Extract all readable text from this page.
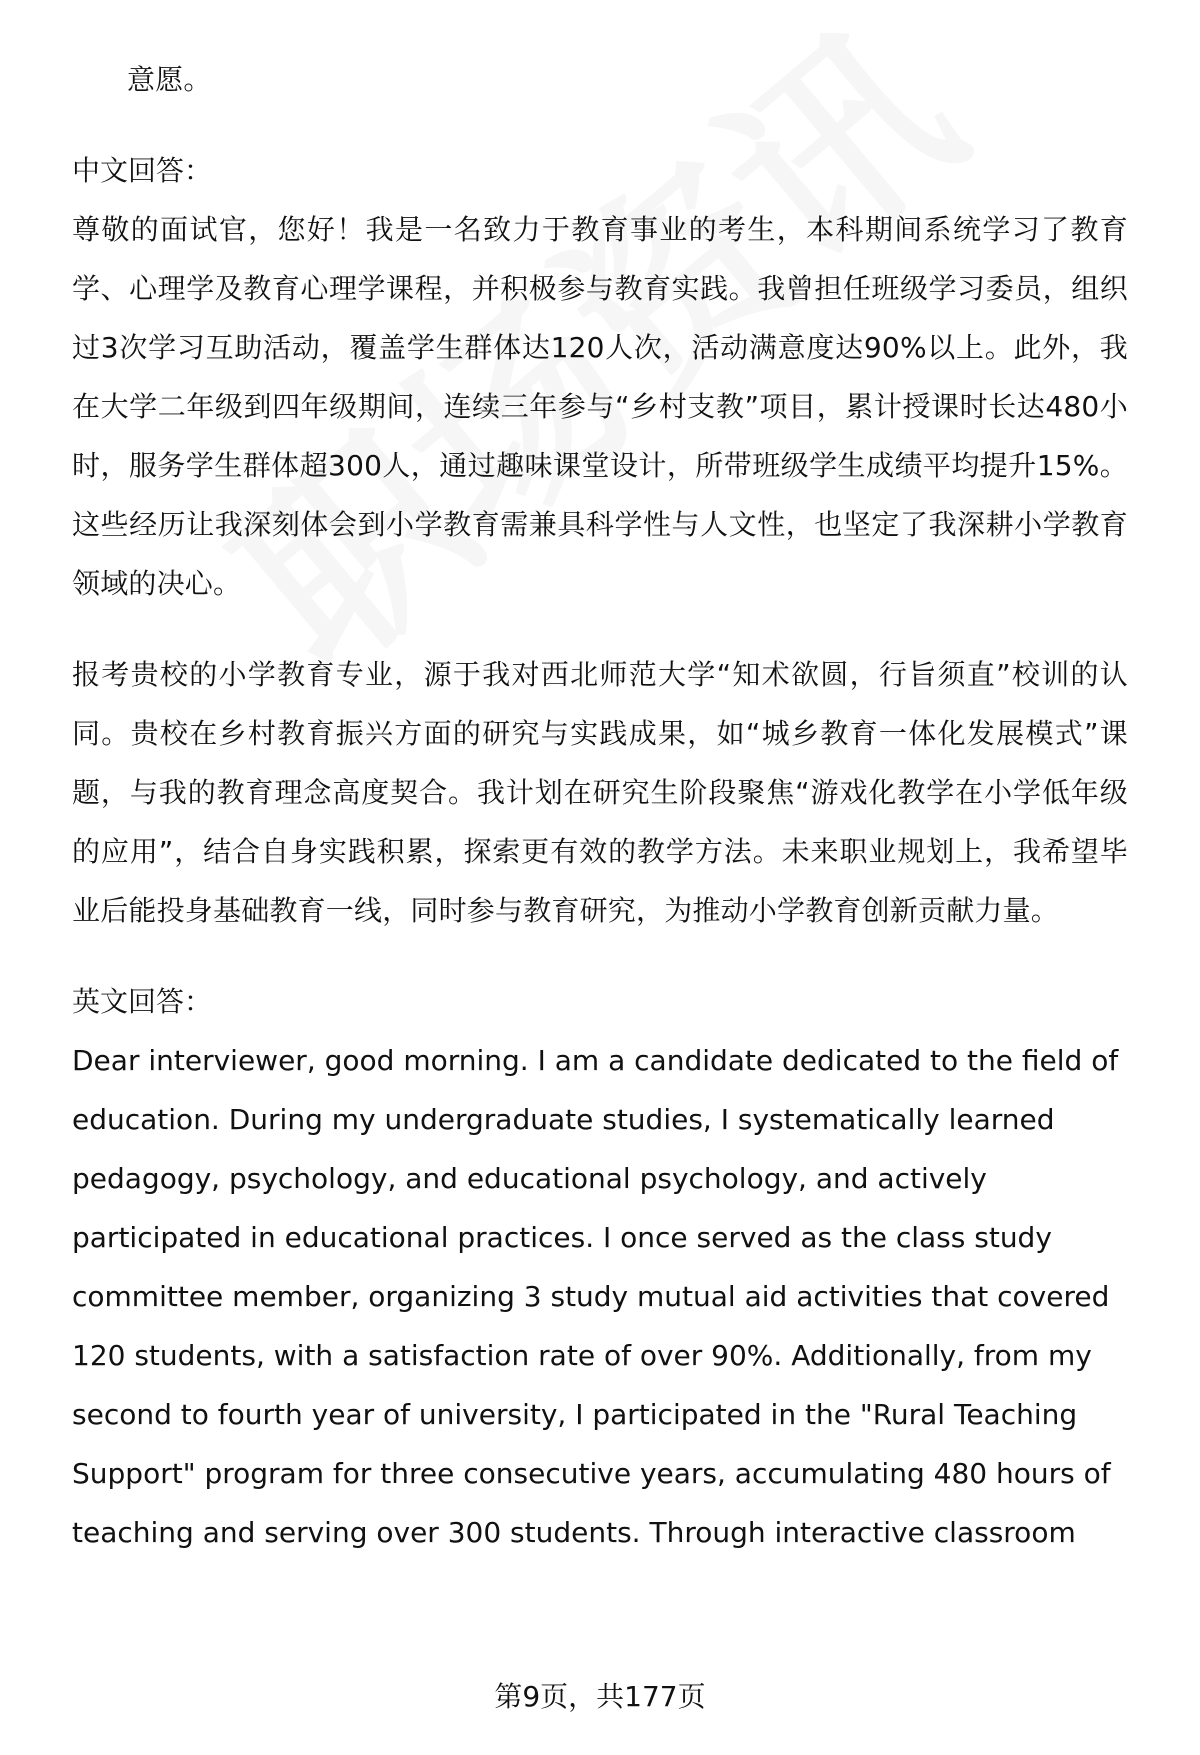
意愿。

中文回答：

尊敬的面试官，您好！我是一名致力于教育事业的考生，本科期间系统学习了教育学、心理学及教育心理学课程，并积极参与教育实践。我曾担任班级学习委员，组织过3次学习互助活动，覆盖学生群体达120人次，活动满意度达90%以上。此外，我在大学二年级到四年级期间，连续三年参与“乡村支教”项目，累计授课时长达480小时，服务学生群体超300人，通过趣味课堂设计，所带班级学生成绩平均提升15%。这些经历让我深刻体会到小学教育需兼具科学性与人文性，也坚定了我深耕小学教育领域的决心。

报考贵校的小学教育专业，源于我对西北师范大学“知术欲圆，行旨须直”校训的认同。贵校在乡村教育振兴方面的研究与实践成果，如“城乡教育一体化发展模式”课题，与我的教育理念高度契合。我计划在研究生阶段聚焦“游戏化教学在小学低年级的应用”，结合自身实践积累，探索更有效的教学方法。未来职业规划上，我希望毕业后能投身基础教育一线，同时参与教育研究，为推动小学教育创新贡献力量。

英文回答：

Dear interviewer, good morning. I am a candidate dedicated to the field of education. During my undergraduate studies, I systematically learned pedagogy, psychology, and educational psychology, and actively participated in educational practices. I once served as the class study committee member, organizing 3 study mutual aid activities that covered 120 students, with a satisfaction rate of over 90%. Additionally, from my second to fourth year of university, I participated in the "Rural Teaching Support" program for three consecutive years, accumulating 480 hours of teaching and serving over 300 students. Through interactive classroom

第9页，共177页
